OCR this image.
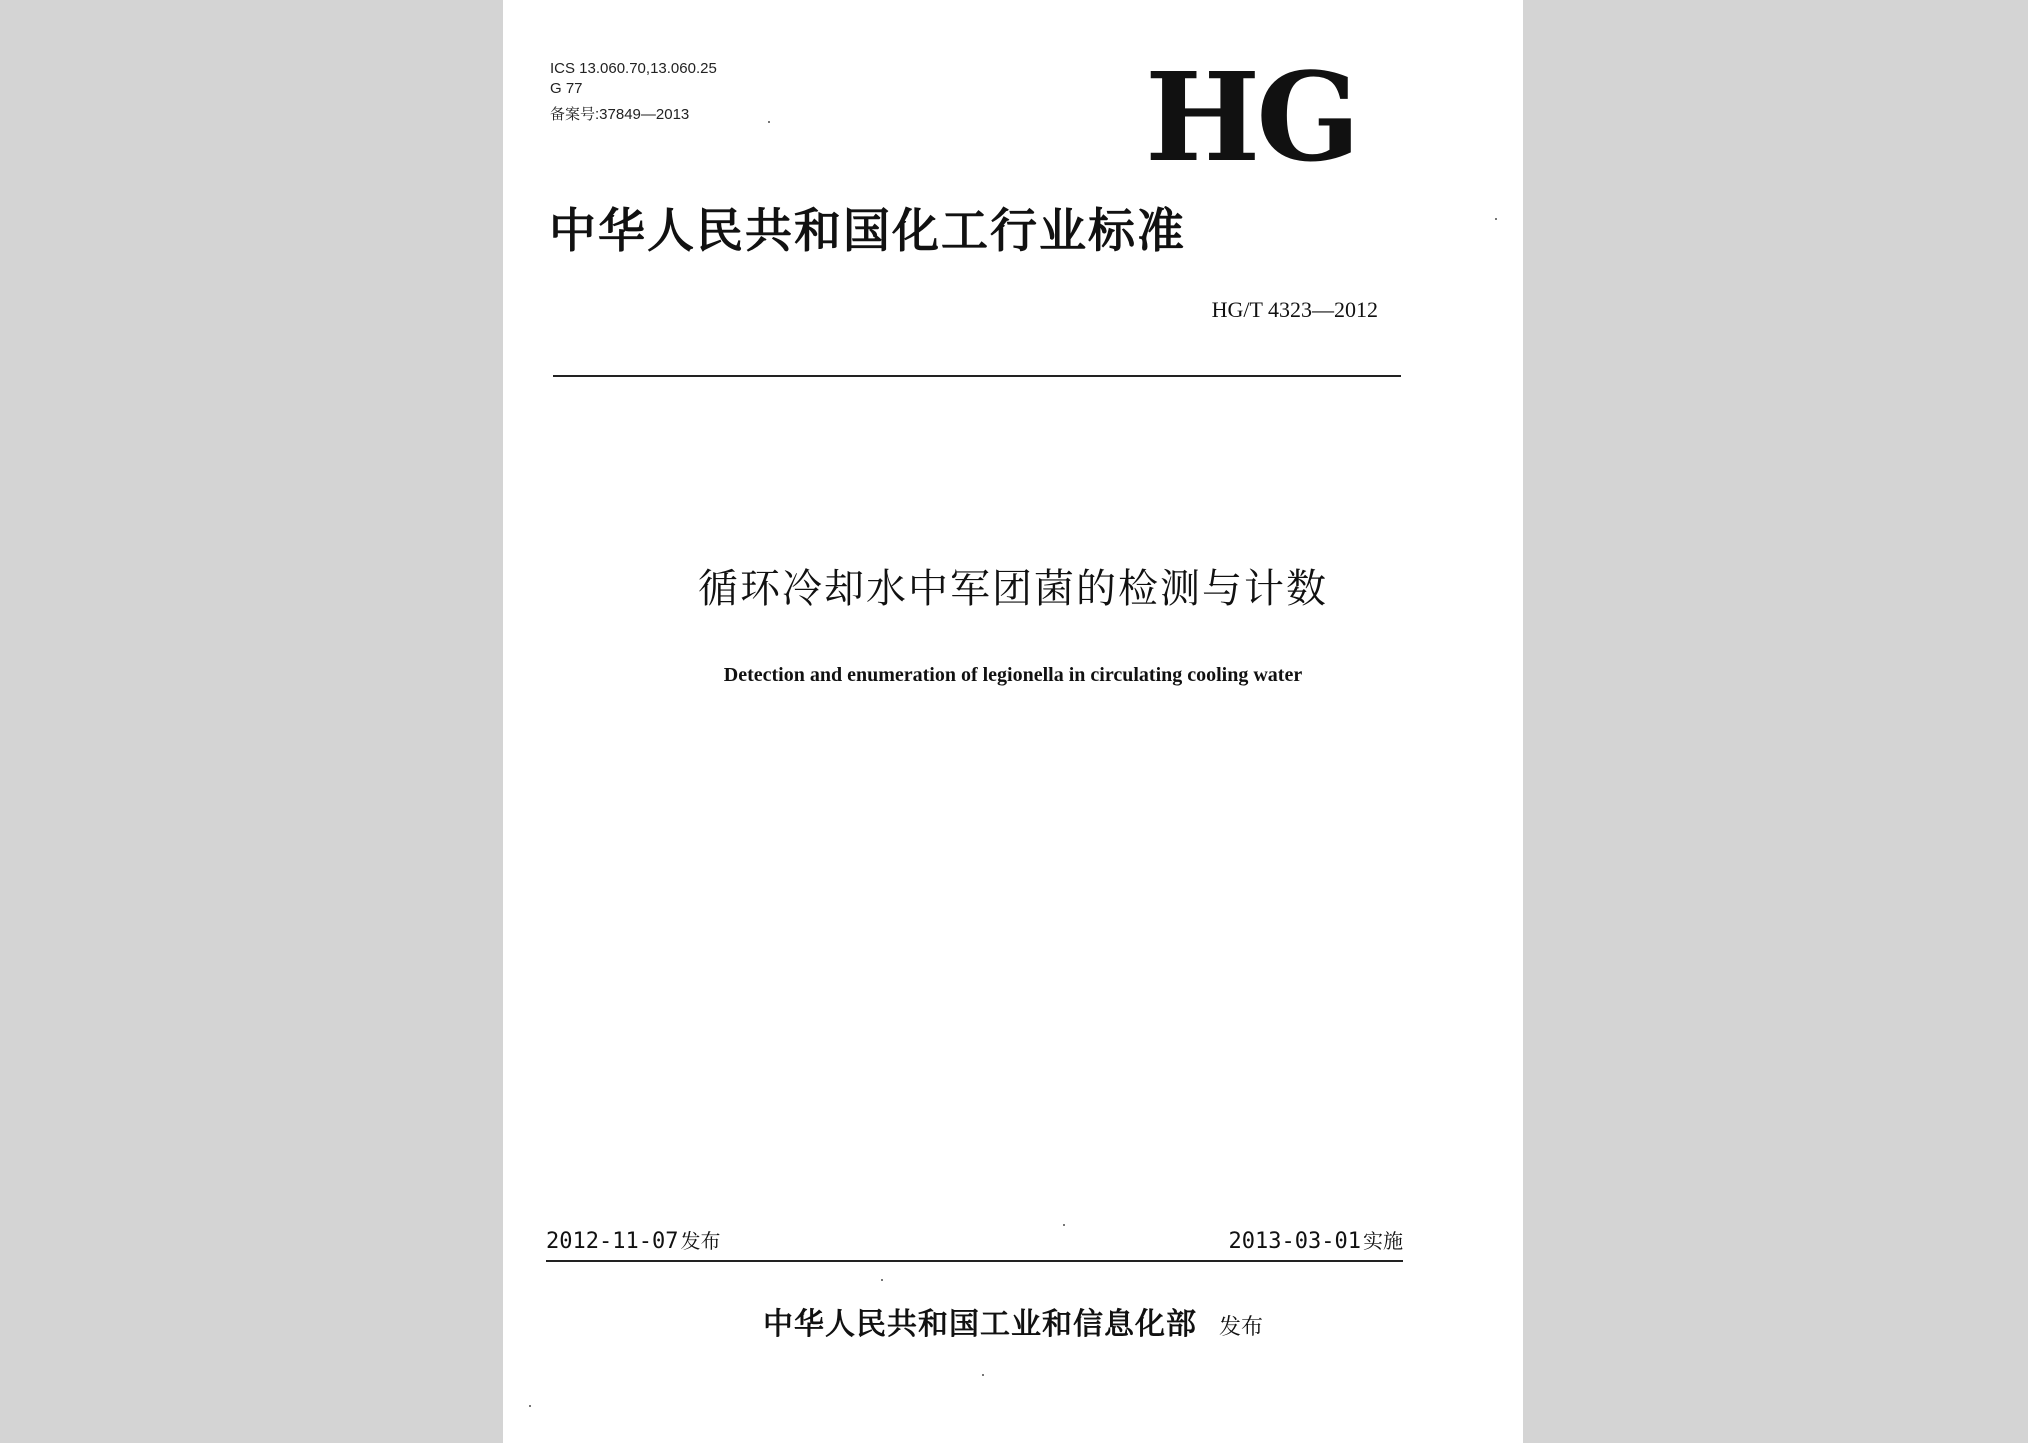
ICS 13.060.70,13.060.25
G 77
备案号:37849—2013	HG
中华人民共和国化工行业标准
HG/T 4323—2012
循环冷却水中军团菌的检测与计数
Detection and enumeration of legionella in circulating cooling water
2012-11-07 发布	2013-03-01 实施
中华人民共和国工业和信息化部 发布
